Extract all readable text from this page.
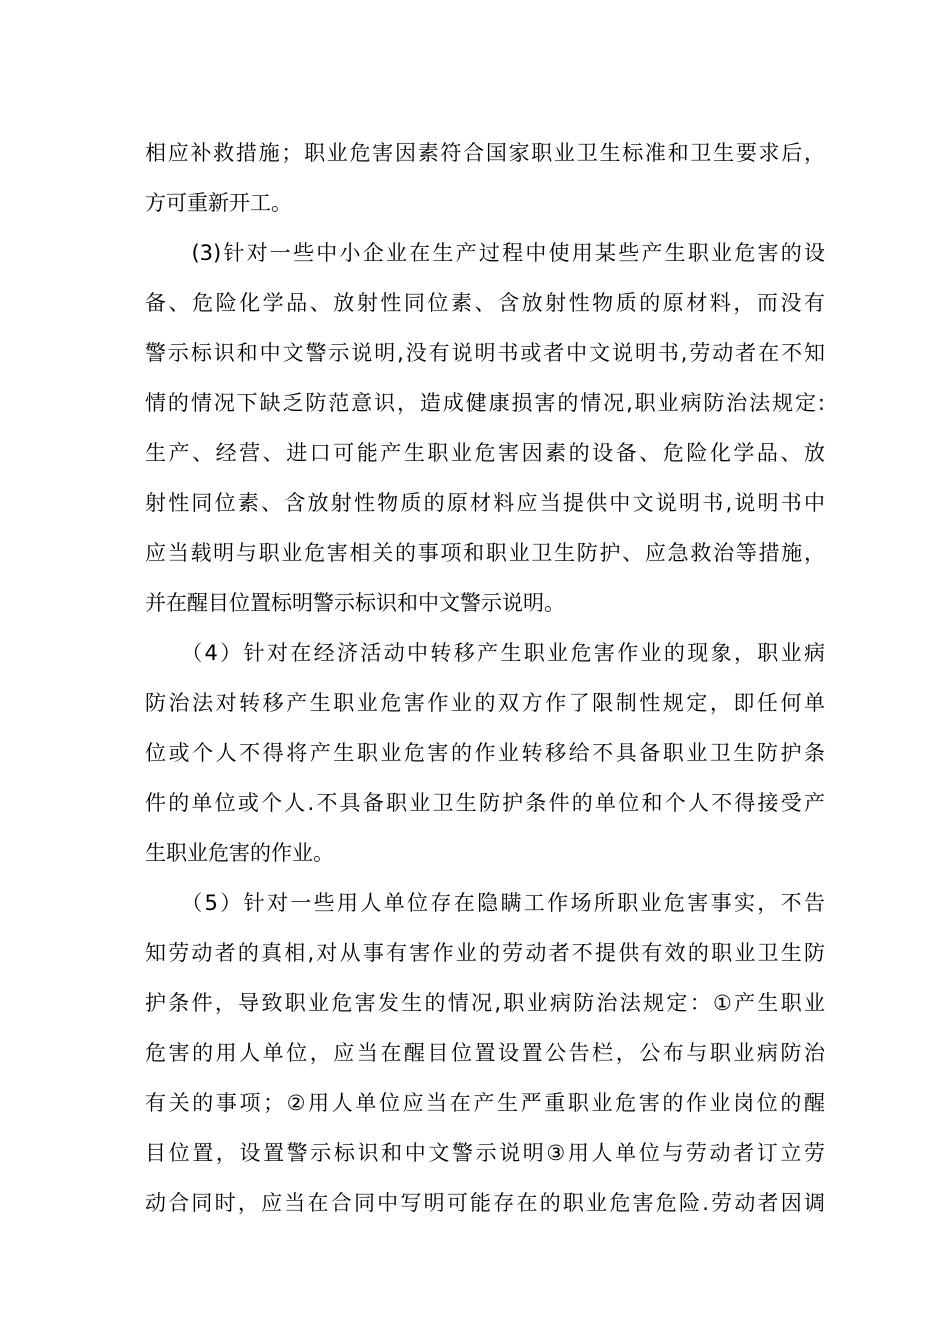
相应补救措施；职业危害因素符合国家职业卫生标准和卫生要求后，
方可重新开工。
　　(3)针对一些中小企业在生产过程中使用某些产生职业危害的设
备、危险化学品、放射性同位素、含放射性物质的原材料，而没有
警示标识和中文警示说明,没有说明书或者中文说明书,劳动者在不知
情的情况下缺乏防范意识，造成健康损害的情况,职业病防治法规定:
生产、经营、进口可能产生职业危害因素的设备、危险化学品、放
射性同位素、含放射性物质的原材料应当提供中文说明书,说明书中
应当载明与职业危害相关的事项和职业卫生防护、应急救治等措施，
并在醒目位置标明警示标识和中文警示说明。
　　（4）针对在经济活动中转移产生职业危害作业的现象，职业病
防治法对转移产生职业危害作业的双方作了限制性规定，即任何单
位或个人不得将产生职业危害的作业转移给不具备职业卫生防护条
件的单位或个人.不具备职业卫生防护条件的单位和个人不得接受产
生职业危害的作业。
　　（5）针对一些用人单位存在隐瞒工作场所职业危害事实，不告
知劳动者的真相,对从事有害作业的劳动者不提供有效的职业卫生防
护条件，导致职业危害发生的情况,职业病防治法规定：①产生职业
危害的用人单位，应当在醒目位置设置公告栏，公布与职业病防治
有关的事项；②用人单位应当在产生严重职业危害的作业岗位的醒
目位置，设置警示标识和中文警示说明③用人单位与劳动者订立劳
动合同时，应当在合同中写明可能存在的职业危害危险.劳动者因调
